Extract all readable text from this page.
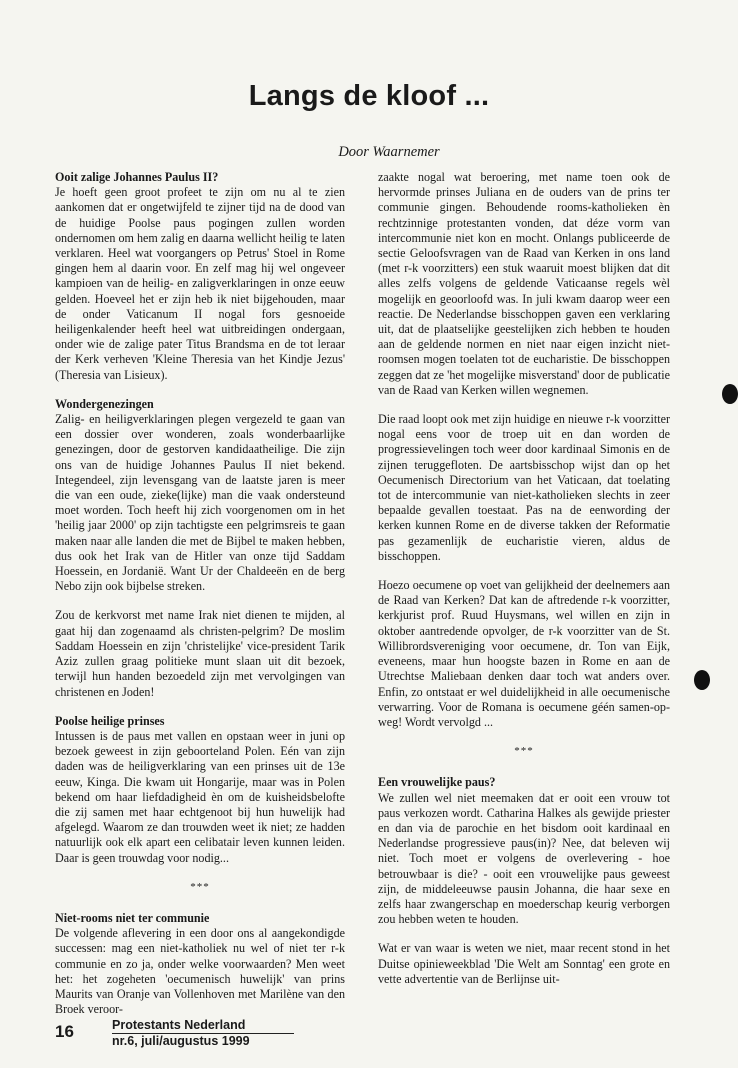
Langs de kloof ...
Door Waarnemer
Ooit zalige Johannes Paulus II?

Je hoeft geen groot profeet te zijn om nu al te zien aankomen dat er ongetwijfeld te zijner tijd na de dood van de huidige Poolse paus pogingen zullen worden ondernomen om hem zalig en daarna wellicht heilig te laten verklaren. Heel wat voorgangers op Petrus' Stoel in Rome gingen hem al daarin voor. En zelf mag hij wel ongeveer kampioen van de heilig- en zaligverklaringen in onze eeuw gelden. Hoeveel het er zijn heb ik niet bijgehouden, maar de onder Vaticanum II nogal fors gesnoeide heiligenkalender heeft heel wat uitbreidingen ondergaan, onder wie de zalige pater Titus Brandsma en de tot leraar der Kerk verheven 'Kleine Theresia van het Kindje Jezus' (Theresia van Lisieux).

Wondergenezingen

Zalig- en heiligverklaringen plegen vergezeld te gaan van een dossier over wonderen, zoals wonderbaarlijke genezingen, door de gestorven kandidaatheilige. Die zijn ons van de huidige Johannes Paulus II niet bekend. Integendeel, zijn levensgang van de laatste jaren is meer die van een oude, zieke(lijke) man die vaak ondersteund moet worden. Toch heeft hij zich voorgenomen om in het 'heilig jaar 2000' op zijn tachtigste een pelgrimsreis te gaan maken naar alle landen die met de Bijbel te maken hebben, dus ook het Irak van de Hitler van onze tijd Saddam Hoessein, en Jordanië. Want Ur der Chaldeeën en de berg Nebo zijn ook bijbelse streken.

Zou de kerkvorst met name Irak niet dienen te mijden, al gaat hij dan zogenaamd als christen-pelgrim? De moslim Saddam Hoessein en zijn 'christelijke' vice-president Tarik Aziz zullen graag politieke munt slaan uit dit bezoek, terwijl hun handen bezoedeld zijn met vervolgingen van christenen en Joden!

Poolse heilige prinses

Intussen is de paus met vallen en opstaan weer in juni op bezoek geweest in zijn geboorteland Polen. Eén van zijn daden was de heiligverklaring van een prinses uit de 13e eeuw, Kinga. Die kwam uit Hongarije, maar was in Polen bekend om haar liefdadigheid èn om de kuisheidsbelofte die zij samen met haar echtgenoot bij hun huwelijk had afgelegd. Waarom ze dan trouwden weet ik niet; ze hadden natuurlijk ook elk apart een celibatair leven kunnen leiden. Daar is geen trouwdag voor nodig...

***
Niet-rooms niet ter communie

De volgende aflevering in een door ons al aangekondigde successen: mag een niet-katholiek nu wel of niet ter r-k communie en zo ja, onder welke voorwaarden? Men weet het: het zogeheten 'oecumenisch huwelijk' van prins Maurits van Oranje van Vollenhoven met Marilène van den Broek veroor-

zaakte nogal wat beroering, met name toen ook de hervormde prinses Juliana en de ouders van de prins ter communie gingen. Behoudende rooms-katholieken èn rechtzinnige protestanten vonden, dat déze vorm van intercommunie niet kon en mocht. Onlangs publiceerde de sectie Geloofsvragen van de Raad van Kerken in ons land (met r-k voorzitters) een stuk waaruit moest blijken dat dit alles zelfs volgens de geldende Vaticaanse regels wèl mogelijk en geoorloofd was. In juli kwam daarop weer een reactie. De Nederlandse bisschoppen gaven een verklaring uit, dat de plaatselijke geestelijken zich hebben te houden aan de geldende normen en niet naar eigen inzicht niet-roomsen mogen toelaten tot de eucharistie. De bisschoppen zeggen dat ze 'het mogelijke misverstand' door de publicatie van de Raad van Kerken willen wegnemen.

Die raad loopt ook met zijn huidige en nieuwe r-k voorzitter nogal eens voor de troep uit en dan worden de progressievelingen toch weer door kardinaal Simonis en de zijnen teruggefloten. De aartsbisschop wijst dan op het Oecumenisch Directorium van het Vaticaan, dat toelating tot de intercommunie van niet-katholieken slechts in zeer bepaalde gevallen toestaat. Pas na de eenwording der kerken kunnen Rome en de diverse takken der Reformatie pas gezamenlijk de eucharistie vieren, aldus de bisschoppen.

Hoezo oecumene op voet van gelijkheid der deelnemers aan de Raad van Kerken? Dat kan de aftredende r-k voorzitter, kerkjurist prof. Ruud Huysmans, wel willen en zijn in oktober aantredende opvolger, de r-k voorzitter van de St. Willibrordsvereniging voor oecumene, dr. Ton van Eijk, eveneens, maar hun hoogste bazen in Rome en aan de Utrechtse Maliebaan denken daar toch wat anders over. Enfin, zo ontstaat er wel duidelijkheid in alle oecumenische verwarring. Voor de Romana is oecumene géén samen-op-weg! Wordt vervolgd ...

***
Een vrouwelijke paus?

We zullen wel niet meemaken dat er ooit een vrouw tot paus verkozen wordt. Catharina Halkes als gewijde priester en dan via de parochie en het bisdom ooit kardinaal en Nederlandse progressieve paus(in)? Nee, dat beleven wij niet. Toch moet er volgens de overlevering - hoe betrouwbaar is die? - ooit een vrouwelijke paus geweest zijn, de middeleeuwse pausin Johanna, die haar sexe en zelfs haar zwangerschap en moederschap keurig verborgen zou hebben weten te houden.

Wat er van waar is weten we niet, maar recent stond in het Duitse opinieweekblad 'Die Welt am Sonntag' een grote en vette advertentie van de Berlijnse uit-

16	Protestants Nederland
nr.6, juli/augustus 1999
